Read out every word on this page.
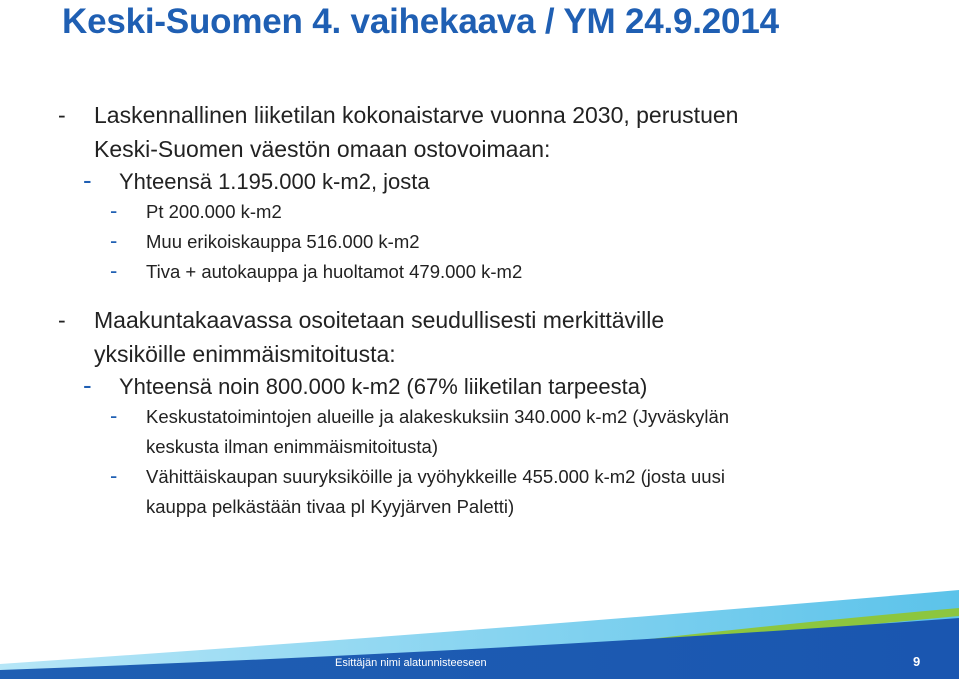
Keski-Suomen 4. vaihekaava / YM 24.9.2014
- Laskennallinen liiketilan kokonaistarve vuonna 2030, perustuen
Keski-Suomen väestön omaan ostovoimaan:
- Yhteensä 1.195.000 k-m2, josta
- Pt 200.000 k-m2
- Muu erikoiskauppa 516.000 k-m2
- Tiva + autokauppa ja huoltamot 479.000 k-m2
- Maakuntakaavassa osoitetaan seudullisesti merkittäville
yksiköille enimmäismitoitusta:
- Yhteensä noin 800.000 k-m2 (67% liiketilan tarpeesta)
- Keskustatoimintojen alueille ja alakeskuksiin 340.000 k-m2 (Jyväskylän
keskusta ilman enimmäismitoitusta)
- Vähittäiskaupan suuryksiköille ja vyöhykkeille 455.000 k-m2 (josta uusi
kauppa pelkästään tivaa pl Kyyjärven Paletti)
Esittäjän nimi alatunnisteeseen	9
